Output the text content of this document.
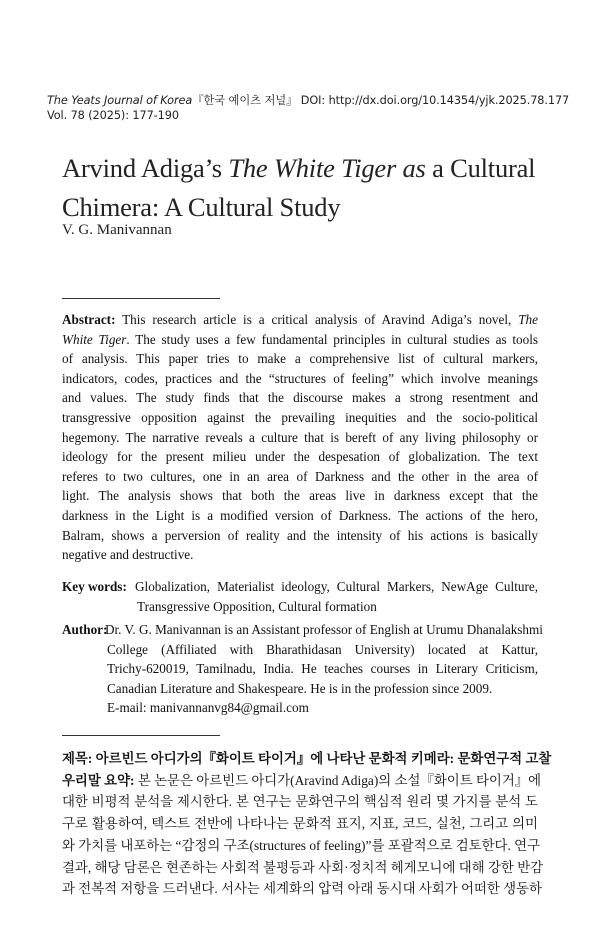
The Yeats Journal of Korea『한국 예이츠 저널』 DOI: http://dx.doi.org/10.14354/yjk.2025.78.177
Vol. 78 (2025): 177-190
Arvind Adiga’s The White Tiger as a Cultural
Chimera: A Cultural Study
V. G. Manivannan
Abstract: This research article is a critical analysis of Aravind Adiga’s novel, The
White Tiger. The study uses a few fundamental principles in cultural studies as tools
of analysis. This paper tries to make a comprehensive list of cultural markers,
indicators, codes, practices and the “structures of feeling” which involve meanings
and values. The study finds that the discourse makes a strong resentment and
transgressive opposition against the prevailing inequities and the socio-political
hegemony. The narrative reveals a culture that is bereft of any living philosophy or
ideology for the present milieu under the despesation of globalization. The text
referes to two cultures, one in an area of Darkness and the other in the area of
light. The analysis shows that both the areas live in darkness except that the
darkness in the Light is a modified version of Darkness. The actions of the hero,
Balram, shows a perversion of reality and the intensity of his actions is basically
negative and destructive.
Key words: Globalization, Materialist ideology, Cultural Markers, NewAge Culture,
Transgressive Opposition, Cultural formation
Author:
Dr. V. G. Manivannan is an Assistant professor of English at Urumu Dhanalakshmi
College (Affiliated with Bharathidasan University) located at Kattur,
Trichy-620019, Tamilnadu, India. He teaches courses in Literary Criticism,
Canadian Literature and Shakespeare. He is in the profession since 2009.
E-mail: manivannanvg84@gmail.com
제목: 아르빈드 아디가의『화이트 타이거』에 나타난 문화적 키메라: 문화연구적 고찰
우리말 요약: 본 논문은 아르빈드 아디가(Aravind Adiga)의 소설『화이트 타이거』에
대한 비평적 분석을 제시한다. 본 연구는 문화연구의 핵심적 원리 몇 가지를 분석 도
구로 활용하여, 텍스트 전반에 나타나는 문화적 표지, 지표, 코드, 실천, 그리고 의미
와 가치를 내포하는 “감정의 구조(structures of feeling)”를 포괄적으로 검토한다. 연구
결과, 해당 담론은 현존하는 사회적 불평등과 사회·정치적 헤게모니에 대해 강한 반감
과 전복적 저항을 드러낸다. 서사는 세계화의 압력 아래 동시대 사회가 어떠한 생동하
